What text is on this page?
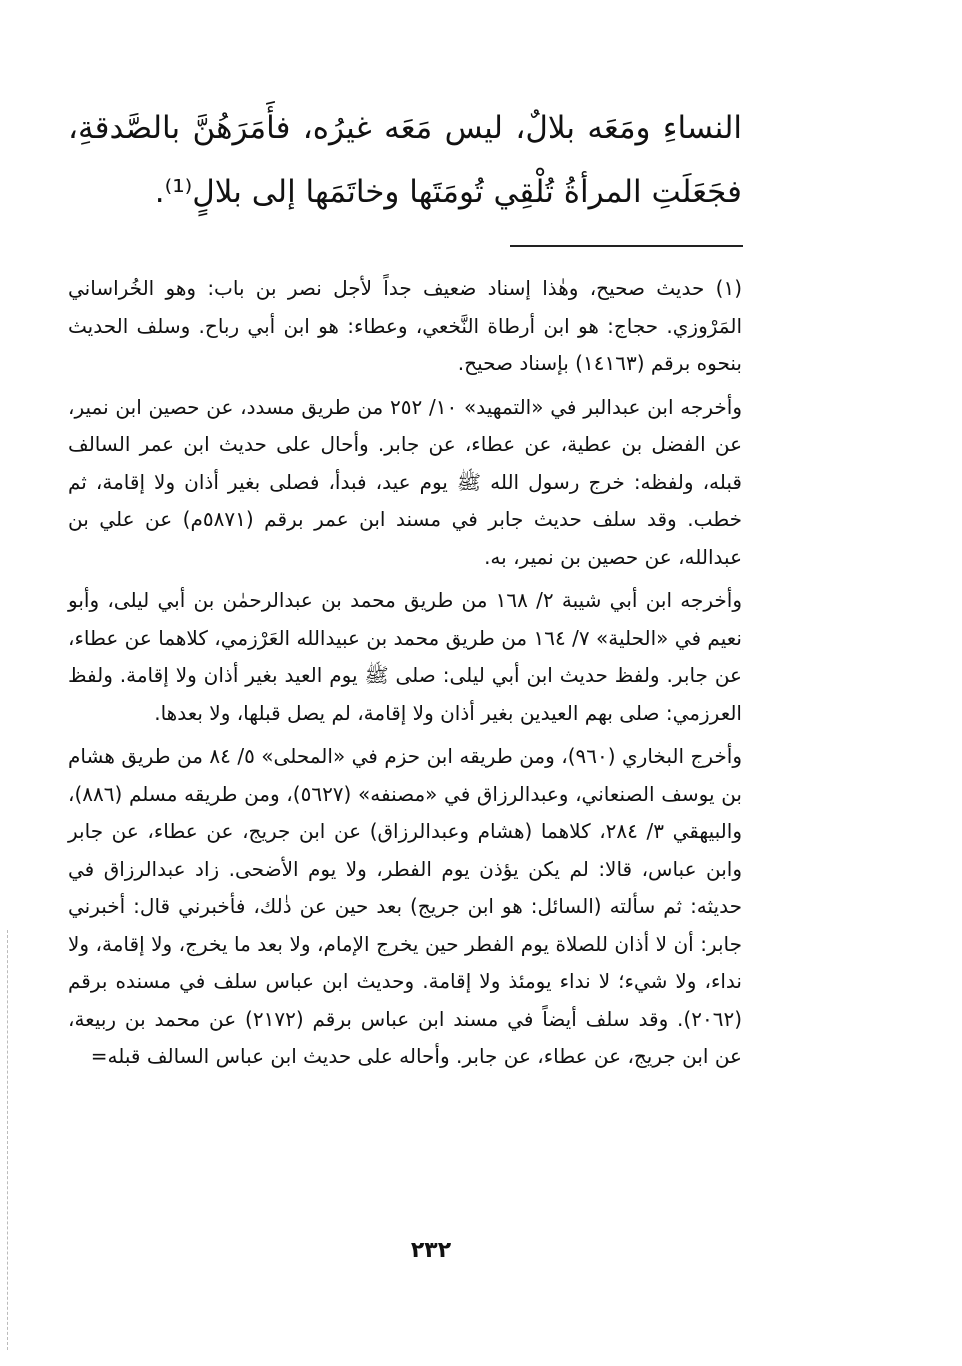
النساءِ ومَعَه بلالٌ، ليس مَعَه غيرُه، فأَمَرَهُنَّ بالصَّدقةِ، فجَعَلَتِ المرأةُ تُلْقِي تُومَتَها وخاتَمَها إلى بلالٍ⁽¹⁾.

(١) حديث صحيح، وهٰذا إسناد ضعيف جداً لأجل نصر بن باب: وهو الخُراساني المَرْوزي. حجاج: هو ابن أرطاة النَّخعي، وعطاء: هو ابن أبي رباح. وسلف الحديث بنحوه برقم (١٤١٦٣) بإسناد صحيح.

وأخرجه ابن عبدالبر في «التمهيد» ١٠/ ٢٥٢ من طريق مسدد، عن حصين ابن نمير، عن الفضل بن عطية، عن عطاء، عن جابر. وأحال على حديث ابن عمر السالف قبله، ولفظه: خرج رسول الله ﷺ يوم عيد، فبدأ، فصلى بغير أذان ولا إقامة، ثم خطب. وقد سلف حديث جابر في مسند ابن عمر برقم (٥٨٧١م) عن علي بن عبدالله، عن حصين بن نمير، به.

وأخرجه ابن أبي شيبة ٢/ ١٦٨ من طريق محمد بن عبدالرحمٰن بن أبي ليلى، وأبو نعيم في «الحلية» ٧/ ١٦٤ من طريق محمد بن عبيدالله العَرْزمي، كلاهما عن عطاء، عن جابر. ولفظ حديث ابن أبي ليلى: صلى ﷺ يوم العيد بغير أذان ولا إقامة. ولفظ العرزمي: صلى بهم العيدين بغير أذان ولا إقامة، لم يصل قبلها، ولا بعدها.

وأخرج البخاري (٩٦٠)، ومن طريقه ابن حزم في «المحلى» ٥/ ٨٤ من طريق هشام بن يوسف الصنعاني، وعبدالرزاق في «مصنفه» (٥٦٢٧)، ومن طريقه مسلم (٨٨٦)، والبيهقي ٣/ ٢٨٤، كلاهما (هشام وعبدالرزاق) عن ابن جريج، عن عطاء، عن جابر وابن عباس، قالا: لم يكن يؤذن يوم الفطر، ولا يوم الأضحى. زاد عبدالرزاق في حديثه: ثم سألته (السائل: هو ابن جريج) بعد حين عن ذٰلك، فأخبرني قال: أخبرني جابر: أن لا أذان للصلاة يوم الفطر حين يخرج الإمام، ولا بعد ما يخرج، ولا إقامة، ولا نداء، ولا شيء؛ لا نداء يومئذ ولا إقامة. وحديث ابن عباس سلف في مسنده برقم (٢٠٦٢). وقد سلف أيضاً في مسند ابن عباس برقم (٢١٧٢) عن محمد بن ربيعة، عن ابن جريج، عن عطاء، عن جابر. وأحاله على حديث ابن عباس السالف قبله=

٢٣٢
